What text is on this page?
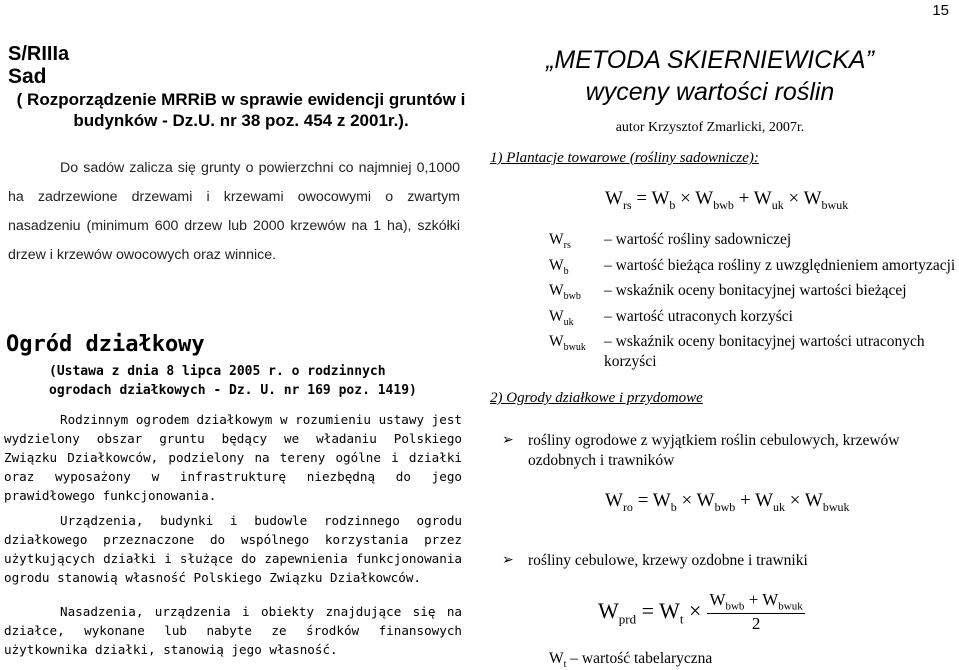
15
S/RIIIa
Sad
( Rozporządzenie MRRiB w sprawie ewidencji gruntów i budynków - Dz.U. nr 38 poz. 454 z 2001r.).
Do sadów zalicza się grunty o powierzchni co najmniej 0,1000 ha zadrzewione drzewami i krzewami owocowymi o zwartym nasadzeniu (minimum 600 drzew lub 2000 krzewów na 1 ha), szkółki drzew i krzewów owocowych oraz winnice.
Ogród działkowy
(Ustawa z dnia 8 lipca 2005 r. o rodzinnych
ogrodach działkowych - Dz. U. nr 169 poz. 1419)
Rodzinnym ogrodem działkowym w rozumieniu ustawy jest wydzielony obszar gruntu będący we władaniu Polskiego Związku Działkowców, podzielony na tereny ogólne i działki oraz wyposażony w infrastrukturę niezbędną do jego prawidłowego funkcjonowania.
Urządzenia, budynki i budowle rodzinnego ogrodu działkowego przeznaczone do wspólnego korzystania przez użytkujących działki i służące do zapewnienia funkcjonowania ogrodu stanowią własność Polskiego Związku Działkowców.
Nasadzenia, urządzenia i obiekty znajdujące się na działce, wykonane lub nabyte ze środków finansowych użytkownika działki, stanowią jego własność.
„METODA SKIERNIEWICKA”
wyceny wartości roślin
autor Krzysztof Zmarlicki, 2007r.
1) Plantacje towarowe (rośliny sadownicze):
$W_{rs} = W_b \times W_{bwb} + W_{uk} \times W_{bwuk}$
$W_{rs}$	– wartość rośliny sadowniczej
$W_b$	– wartość bieżąca rośliny z uwzględnieniem amortyzacji
$W_{bwb}$	– wskaźnik oceny bonitacyjnej wartości bieżącej
$W_{uk}$	– wartość utraconych korzyści
$W_{bwuk}$	– wskaźnik oceny bonitacyjnej wartości utraconych korzyści
2) Ogrody działkowe i przydomowe
➢ rośliny ogrodowe z wyjątkiem roślin cebulowych, krzewów ozdobnych i trawników
$W_{ro} = W_b \times W_{bwb} + W_{uk} \times W_{bwuk}$
➢ rośliny cebulowe, krzewy ozdobne i trawniki
$W_{prd} = W_t \times \frac{W_{bwb} + W_{bwuk}}{2}$
$W_t$ – wartość tabelaryczna
